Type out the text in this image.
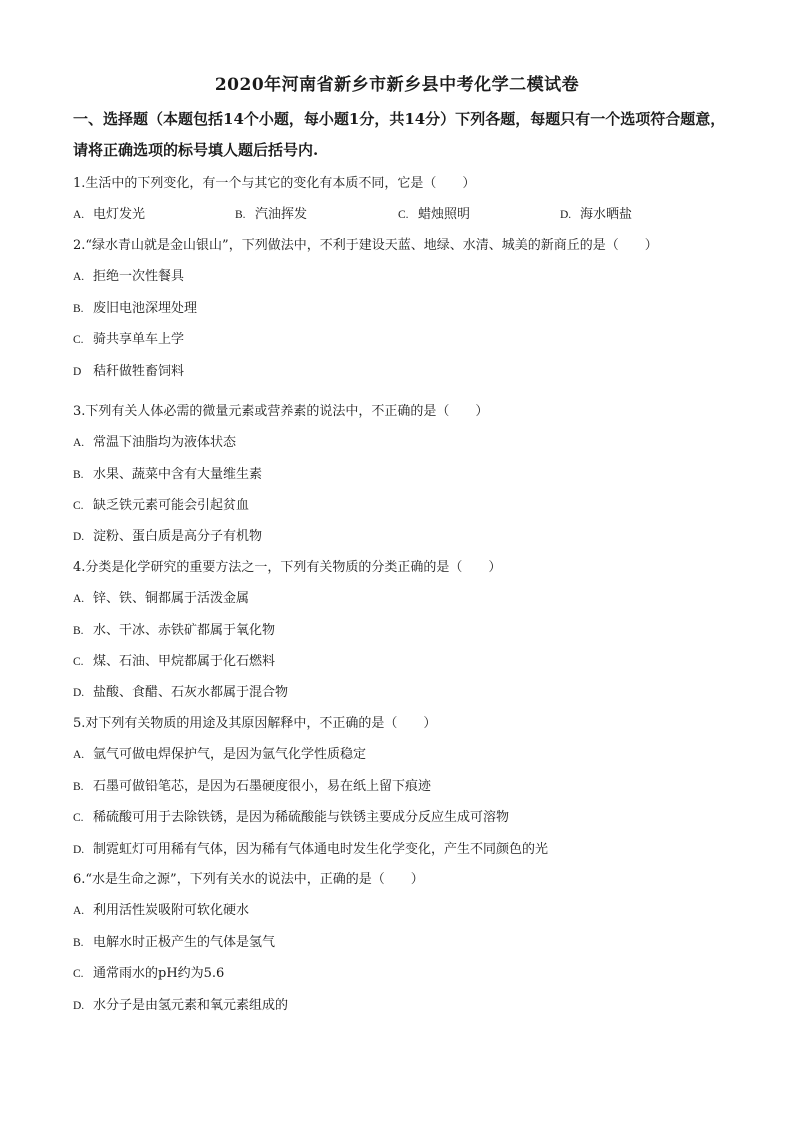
2020年河南省新乡市新乡县中考化学二模试卷
一、选择题（本题包括14个小题，每小题1分，共14分）下列各题，每题只有一个选项符合题意，请将正确选项的标号填人题后括号内.
1.生活中的下列变化，有一个与其它的变化有本质不同，它是（　　）
A. 电灯发光	B. 汽油挥发	C. 蜡烛照明	D. 海水晒盐
2.“绿水青山就是金山银山”，下列做法中，不利于建设天蓝、地绿、水清、城美的新商丘的是（　　）
A. 拒绝一次性餐具
B. 废旧电池深埋处理
C. 骑共享单车上学
D 秸秆做牲畜饲料
3.下列有关人体必需的微量元素或营养素的说法中，不正确的是（　　）
A. 常温下油脂均为液体状态
B. 水果、蔬菜中含有大量维生素
C. 缺乏铁元素可能会引起贫血
D. 淀粉、蛋白质是高分子有机物
4.分类是化学研究的重要方法之一，下列有关物质的分类正确的是（　　）
A. 锌、铁、铜都属于活泼金属
B. 水、干冰、赤铁矿都属于氧化物
C. 煤、石油、甲烷都属于化石燃料
D. 盐酸、食醋、石灰水都属于混合物
5.对下列有关物质的用途及其原因解释中，不正确的是（　　）
A. 氩气可做电焊保护气，是因为氩气化学性质稳定
B. 石墨可做铅笔芯，是因为石墨硬度很小，易在纸上留下痕迹
C. 稀硫酸可用于去除铁锈，是因为稀硫酸能与铁锈主要成分反应生成可溶物
D. 制霓虹灯可用稀有气体，因为稀有气体通电时发生化学变化，产生不同颜色的光
6.“水是生命之源”，下列有关水的说法中，正确的是（　　）
A. 利用活性炭吸附可软化硬水
B. 电解水时正极产生的气体是氢气
C. 通常雨水的pH约为5.6
D. 水分子是由氢元素和氧元素组成的
